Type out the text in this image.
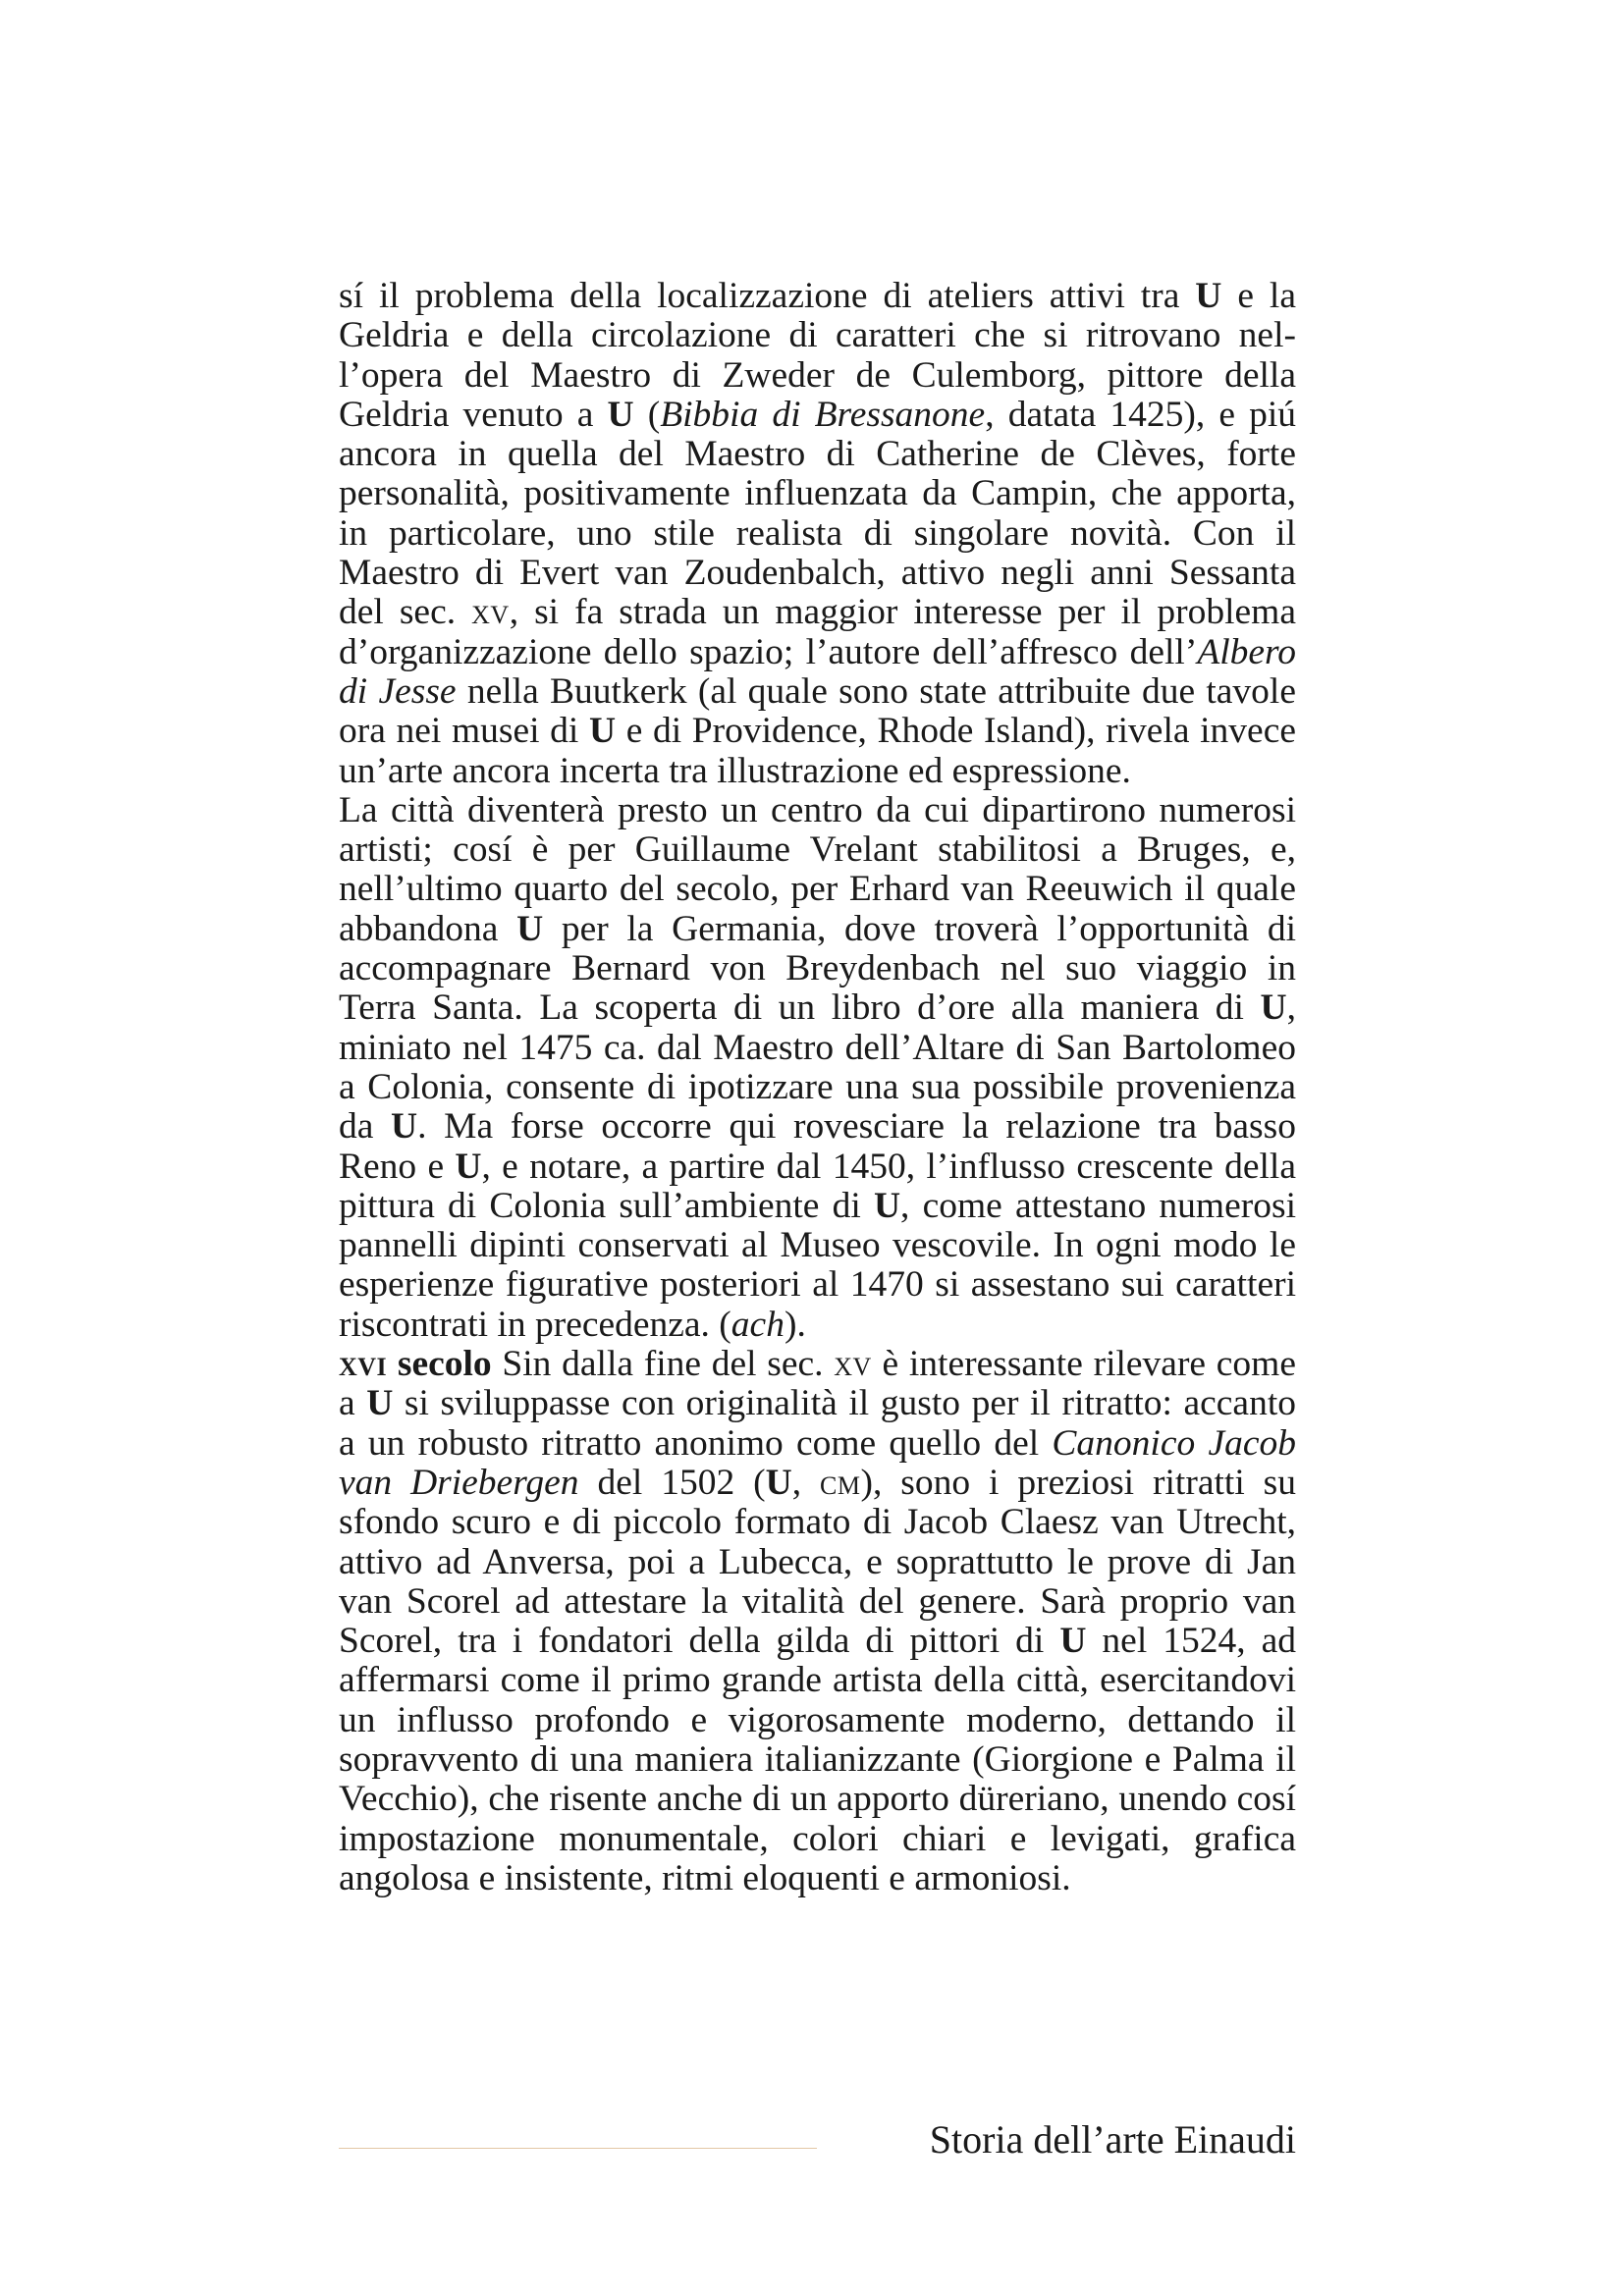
sí il problema della localizzazione di ateliers attivi tra U e la Geldria e della circolazione di caratteri che si ritrovano nell’opera del Maestro di Zweder de Culemborg, pittore della Geldria venuto a U (Bibbia di Bressanone, datata 1425), e piú ancora in quella del Maestro di Catherine de Clèves, forte personalità, positivamente influenzata da Campin, che apporta, in particolare, uno stile realista di singolare novità. Con il Maestro di Evert van Zoudenbalch, attivo negli anni Sessanta del sec. xv, si fa strada un maggior interesse per il problema d’organizzazione dello spazio; l’autore dell’affresco dell’Albero di Jesse nella Buutkerk (al quale sono state attribuite due tavole ora nei musei di U e di Providence, Rhode Island), rivela invece un’arte ancora incerta tra illustrazione ed espressione.

La città diventerà presto un centro da cui dipartirono numerosi artisti; cosí è per Guillaume Vrelant stabilitosi a Bruges, e, nell’ultimo quarto del secolo, per Erhard van Reeuwich il quale abbandona U per la Germania, dove troverà l’opportunità di accompagnare Bernard von Breydenbach nel suo viaggio in Terra Santa. La scoperta di un libro d’ore alla maniera di U, miniato nel 1475 ca. dal Maestro dell’Altare di San Bartolomeo a Colonia, consente di ipotizzare una sua possibile provenienza da U. Ma forse occorre qui rovesciare la relazione tra basso Reno e U, e notare, a partire dal 1450, l’influsso crescente della pittura di Colonia sull’ambiente di U, come attestano numerosi pannelli dipinti conservati al Museo vescovile. In ogni modo le esperienze figurative posteriori al 1470 si assestano sui caratteri riscontrati in precedenza. (ach).

xvi secolo Sin dalla fine del sec. xv è interessante rilevare come a U si sviluppasse con originalità il gusto per il ritratto: accanto a un robusto ritratto anonimo come quello del Canonico Jacob van Driebergen del 1502 (U, cm), sono i preziosi ritratti su sfondo scuro e di piccolo formato di Jacob Claesz van Utrecht, attivo ad Anversa, poi a Lubecca, e soprattutto le prove di Jan van Scorel ad attestare la vitalità del genere. Sarà proprio van Scorel, tra i fondatori della gilda di pittori di U nel 1524, ad affermarsi come il primo grande artista della città, esercitandovi un influsso profondo e vigorosamente moderno, dettando il sopravvento di una maniera italianizzante (Giorgione e Palma il Vecchio), che risente anche di un apporto düreriano, unendo cosí impostazione monumentale, colori chiari e levigati, grafica angolosa e insistente, ritmi eloquenti e armoniosi.

Storia dell’arte Einaudi
